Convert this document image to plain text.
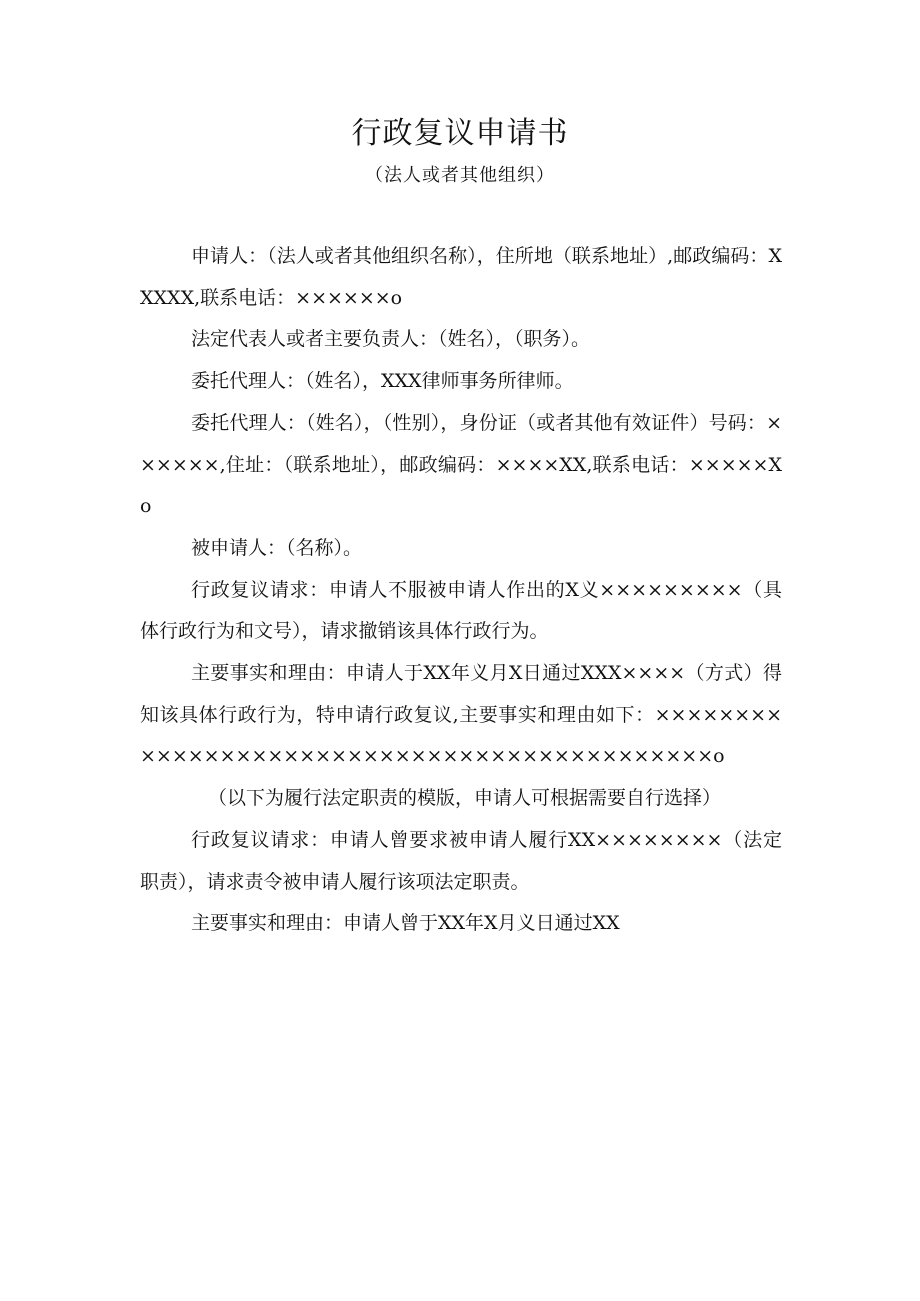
行政复议申请书
（法人或者其他组织）

申请人：（法人或者其他组织名称），住所地（联系地址）,邮政编码：XXXXX,联系电话：××××××o

法定代表人或者主要负责人：（姓名），（职务）。

委托代理人：（姓名），XXX律师事务所律师。

委托代理人：（姓名），（性别），身份证（或者其他有效证件）号码：××××××,住址：（联系地址），邮政编码：××××XX,联系电话：×××××Xo

被申请人：（名称）。

行政复议请求：申请人不服被申请人作出的X义×××××××××（具体行政行为和文号），请求撤销该具体行政行为。

主要事实和理由：申请人于XX年义月X日通过XXX××××（方式）得知该具体行政行为，特申请行政复议,主要事实和理由如下：××××××××××××××××××××××××××××××××××××××××××××o

（以下为履行法定职责的模版，申请人可根据需要自行选择）

行政复议请求：申请人曾要求被申请人履行XX××××××××（法定职责），请求责令被申请人履行该项法定职责。

主要事实和理由：申请人曾于XX年X月义日通过XX
